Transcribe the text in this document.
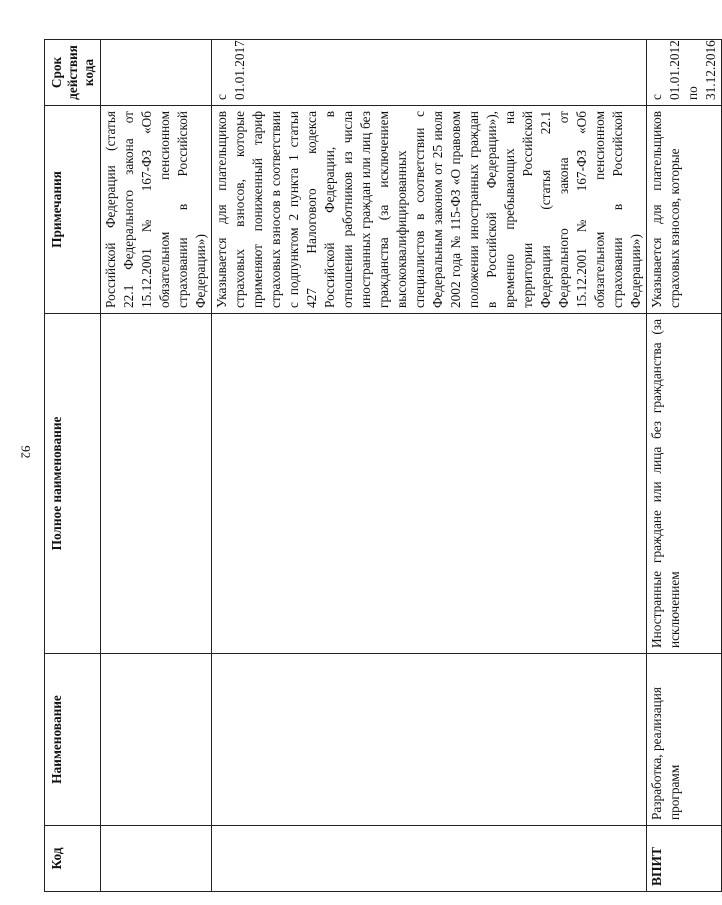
92
Код	Наименование	Полное наименование	Примечания	Срок действия кода
			Российской Федерации (статья 22.1 Федерального закона от 15.12.2001 № 167-ФЗ «Об обязательном пенсионном страховании в Российской Федерации»)	
			Указывается для плательщиков страховых взносов, которые применяют пониженный тариф страховых взносов в соответствии с подпунктом 2 пункта 1 статьи 427 Налогового кодекса Российской Федерации, в отношении работников из числа иностранных граждан или лиц без гражданства (за исключением высококвалифицированных специалистов в соответствии с Федеральным законом от 25 июля 2002 года № 115-ФЗ «О правовом положении иностранных граждан в Российской Федерации»), временно пребывающих на территории Российской Федерации (статья 22.1 Федерального закона от 15.12.2001 № 167-ФЗ «Об обязательном пенсионном страховании в Российской Федерации»)	с 01.01.2017
ВПИТ	Разработка, реализация программ	Иностранные граждане или лица без гражданства (за исключением	Указывается для плательщиков страховых взносов, которые	с 01.01.2012 по 31.12.2016
